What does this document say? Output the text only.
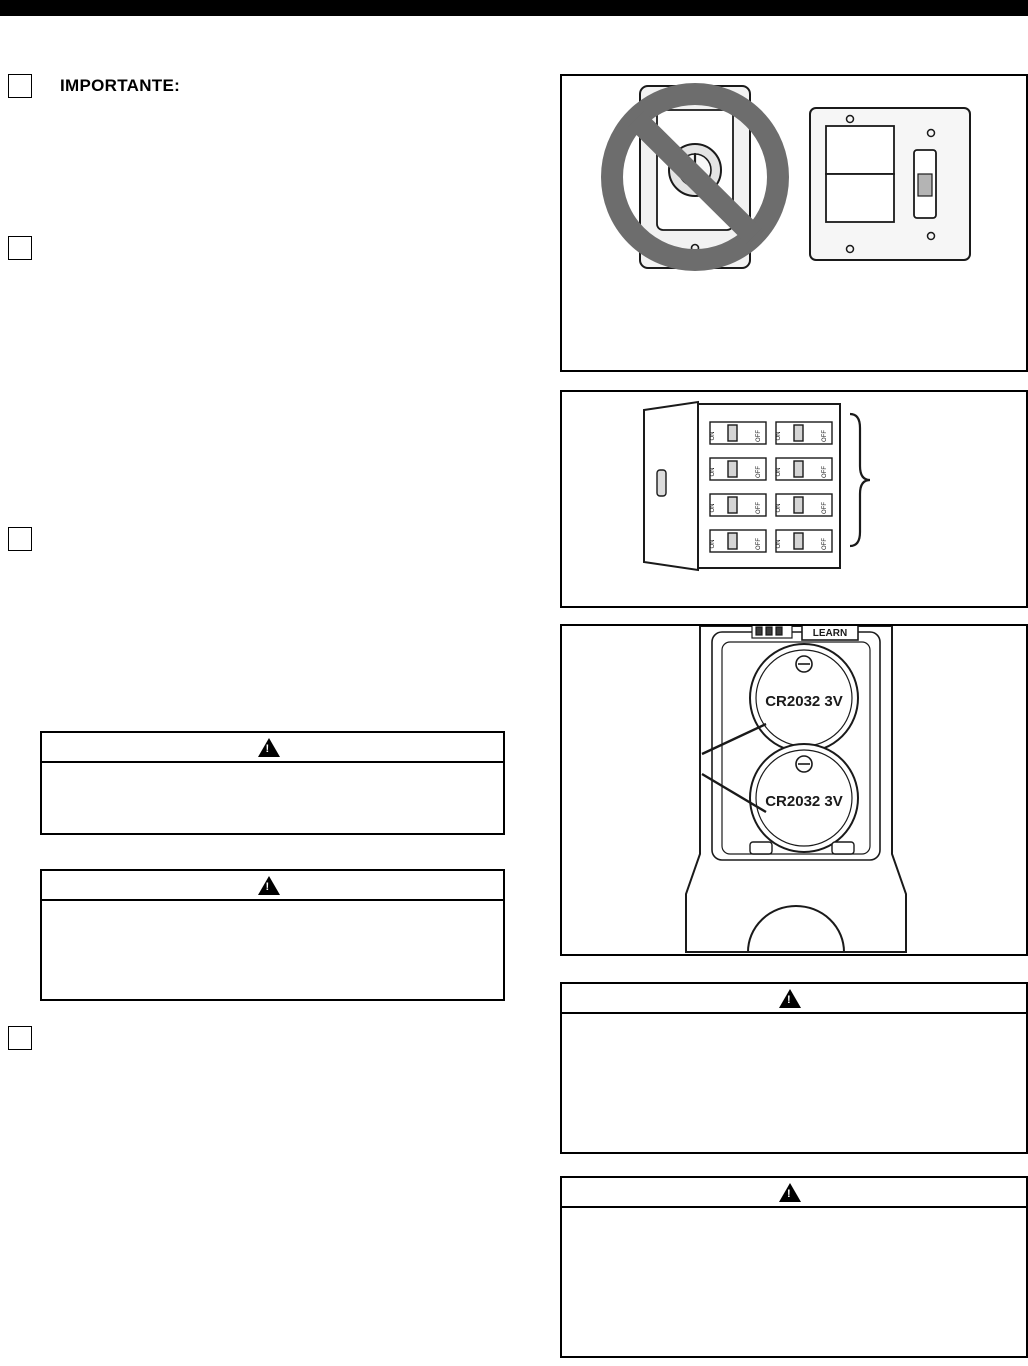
IMPORTANTE:
!
!
ON	OFF ON	OFF
ON	OFF ON	OFF
ON	OFF ON	OFF
ON	OFF ON	OFF
LEARN
CR2032 3V
CR2032 3V
!
!
